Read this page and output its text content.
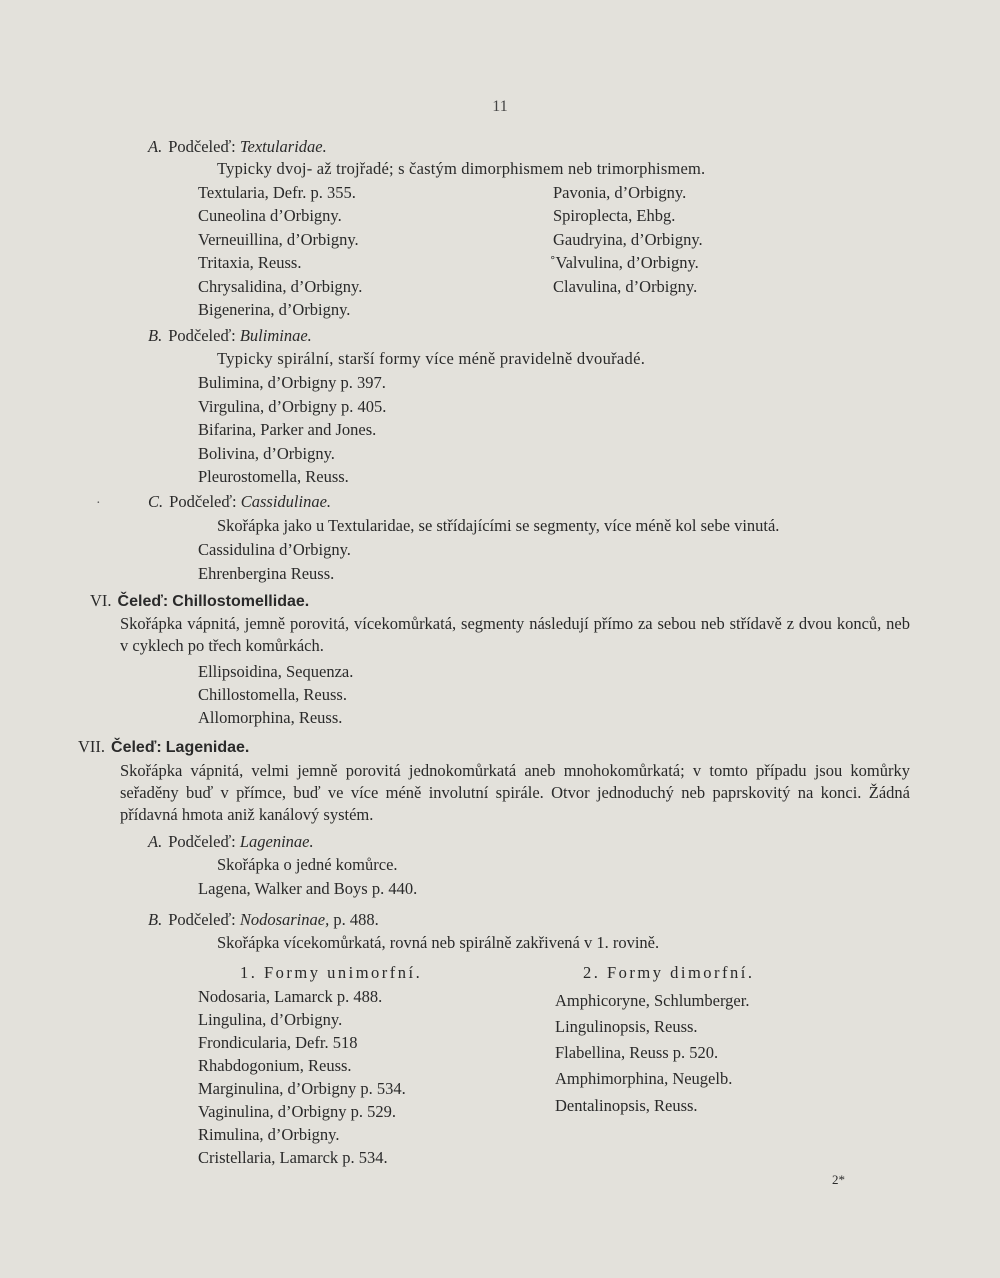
11
A. Podčeleď: Textularidae.
Typicky dvoj- až trojřadé; s častým dimorphismem neb trimorphismem.
Textularia, Defr. p. 355.
Cuneolina d’Orbigny.
Verneuillina, d’Orbigny.
Tritaxia, Reuss.
Chrysalidina, d’Orbigny.
Bigenerina, d’Orbigny.
Pavonia, d’Orbigny.
Spiroplecta, Ehbg.
Gaudryina, d’Orbigny.
˚Valvulina, d’Orbigny.
Clavulina, d’Orbigny.
B. Podčeleď: Buliminae.
Typicky spirální, starší formy více méně pravidelně dvouřadé.
Bulimina, d’Orbigny p. 397.
Virgulina, d’Orbigny p. 405.
Bifarina, Parker and Jones.
Bolivina, d’Orbigny.
Pleurostomella, Reuss.
·	C. Podčeleď: Cassidulinae.
Skořápka jako u Textularidae, se střídajícími se segmenty, více méně kol sebe vinutá.
Cassidulina d’Orbigny.
Ehrenbergina Reuss.
VI. Čeleď: Chillostomellidae.
Skořápka vápnitá, jemně porovitá, vícekomůrkatá, segmenty následují přímo za sebou neb střídavě z dvou konců, neb v cyklech po třech komůrkách.
Ellipsoidina, Sequenza.
Chillostomella, Reuss.
Allomorphina, Reuss.
VII. Čeleď: Lagenidae.
Skořápka vápnitá, velmi jemně porovitá jednokomůrkatá aneb mnohokomůrkatá; v tomto případu jsou komůrky seřaděny buď v přímce, buď ve více méně involutní spirále. Otvor jednoduchý neb paprskovitý na konci. Žádná přídavná hmota aniž kanálový systém.
A. Podčeleď: Lageninae.
Skořápka o jedné komůrce.
Lagena, Walker and Boys p. 440.
B. Podčeleď: Nodosarinae, p. 488.
Skořápka vícekomůrkatá, rovná neb spirálně zakřivená v 1. rovině.
1. Formy unimorfní.	2. Formy dimorfní.
Nodosaria, Lamarck p. 488.
Lingulina, d’Orbigny.
Frondicularia, Defr. 518
Rhabdogonium, Reuss.
Marginulina, d’Orbigny p. 534.
Vaginulina, d’Orbigny p. 529.
Rimulina, d’Orbigny.
Cristellaria, Lamarck p. 534.
Amphicoryne, Schlumberger.
Lingulinopsis, Reuss.
Flabellina, Reuss p. 520.
Amphimorphina, Neugelb.
Dentalinopsis, Reuss.
2*
